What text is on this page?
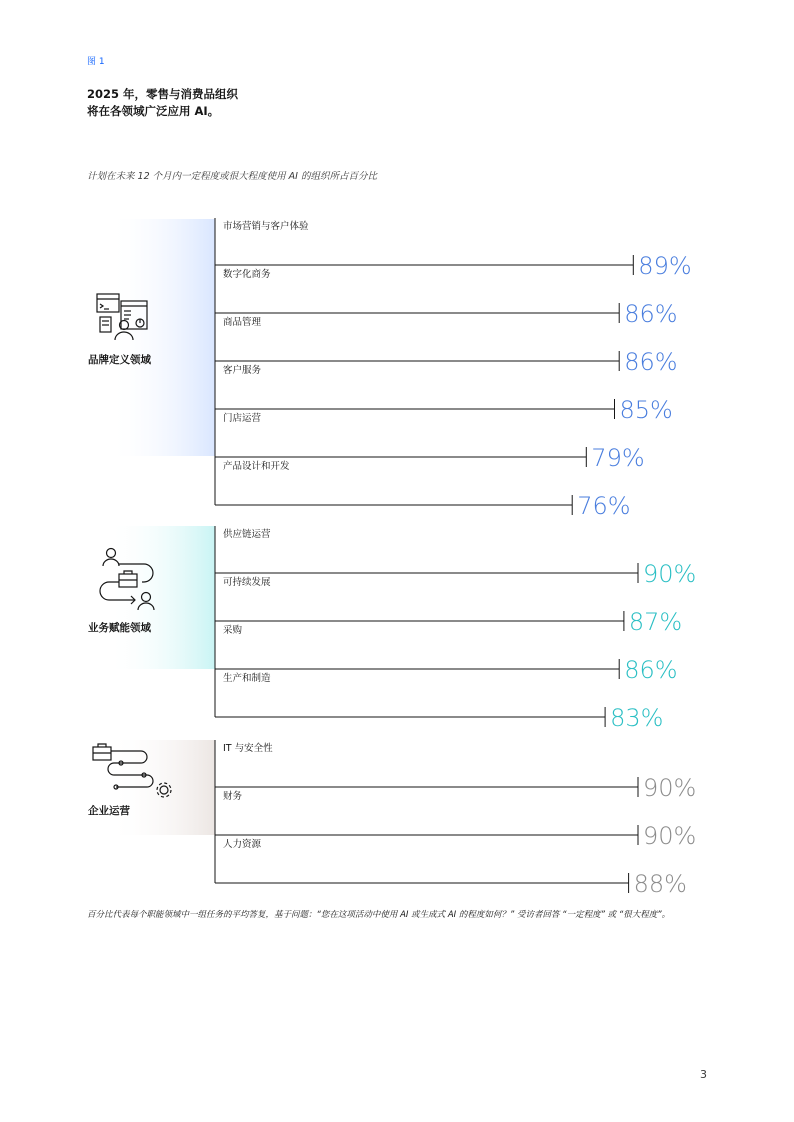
图 1
2025 年，零售与消费品组织
将在各领域广泛应用 AI。
计划在未来 12 个月内一定程度或很大程度使用 AI 的组织所占百分比
市场营销与客户体验
89%
数字化商务
86%
商品管理
86%
客户服务
85%
门店运营
79%
产品设计和开发
76%
供应链运营
90%
可持续发展
87%
采购
86%
生产和制造
83%
IT 与安全性
90%
财务
90%
人力资源
88%
品牌定义领域
业务赋能领域
企业运营
百分比代表每个职能领域中一组任务的平均答复，基于问题：“您在这项活动中使用 AI 或生成式 AI 的程度如何？” 受访者回答 “一定程度” 或 “很大程度”。
3
